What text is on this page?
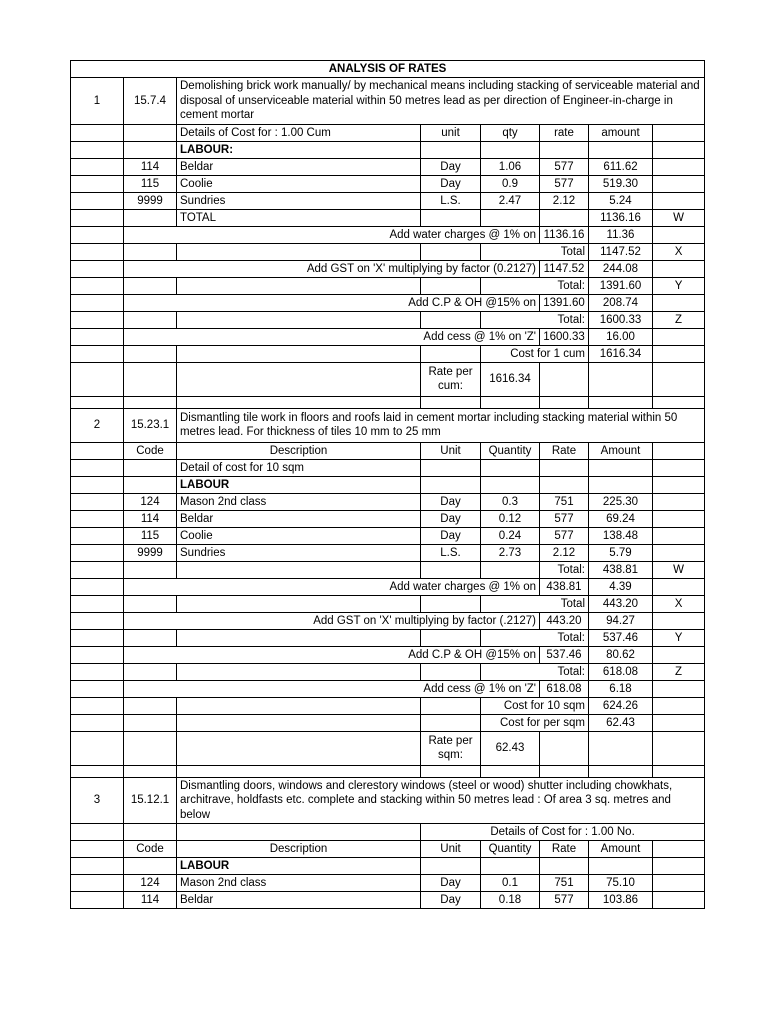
ANALYSIS OF RATES							
1	15.7.4	Demolishing brick work manually/ by mechanical means including stacking of serviceable material and disposal of unserviceable material within 50 metres lead as per direction of Engineer-in-charge in cement mortar					
		Details of Cost for : 1.00 Cum	unit	qty	rate	amount	
		LABOUR:					
	114	Beldar	Day	1.06	577	611.62	
	115	Coolie	Day	0.9	577	519.30	
	9999	Sundries	L.S.	2.47	2.12	5.24	
		TOTAL				1136.16	W
	Add water charges @ 1% on				1136.16	11.36	
				Total		1147.52	X
	Add GST on 'X' multiplying by factor (0.2127)				1147.52	244.08	
				Total:		1391.60	Y
	Add C.P & OH @15% on				1391.60	208.74	
				Total:		1600.33	Z
	Add cess @ 1% on 'Z'				1600.33	16.00	
				Cost for 1 cum		1616.34	
			Rate per cum:	1616.34			

2	15.23.1	Dismantling tile work in floors and roofs laid in cement mortar including stacking material within 50 metres lead. For thickness of tiles 10 mm to 25 mm					
	Code	Description	Unit	Quantity	Rate	Amount	
		Detail of cost for 10 sqm					
		LABOUR					
	124	Mason 2nd class	Day	0.3	751	225.30	
	114	Beldar	Day	0.12	577	69.24	
	115	Coolie	Day	0.24	577	138.48	
	9999	Sundries	L.S.	2.73	2.12	5.79	
					Total:	438.81	W
	Add water charges @ 1% on				438.81	4.39	
				Total		443.20	X
	Add GST on 'X' multiplying by factor (.2127)				443.20	94.27	
				Total:		537.46	Y
	Add C.P & OH @15% on				537.46	80.62	
				Total:		618.08	Z
	Add cess @ 1% on 'Z'				618.08	6.18	
				Cost for 10 sqm		624.26	
				Cost for per sqm		62.43	
			Rate per sqm:	62.43			

3	15.12.1	Dismantling doors, windows and clerestory windows (steel or wood) shutter including chowkhats, architrave, holdfasts etc. complete and stacking within 50 metres lead : Of area 3 sq. metres and below					
			Details of Cost for : 1.00 No.				
	Code	Description	Unit	Quantity	Rate	Amount	
		LABOUR					
	124	Mason 2nd class	Day	0.1	751	75.10	
	114	Beldar	Day	0.18	577	103.86	
